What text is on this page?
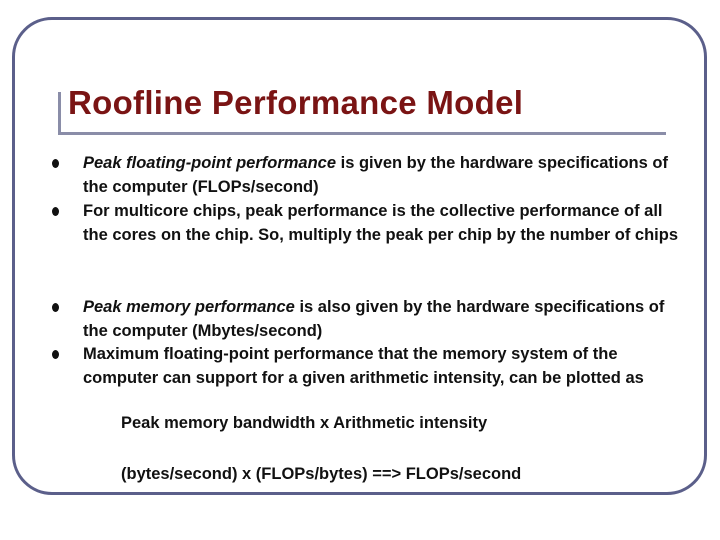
Roofline Performance Model

Peak floating-point performance is given by the hardware specifications of the computer (FLOPs/second)

For multicore chips, peak performance is the collective performance of all the cores on the chip. So, multiply the peak per chip by the number of chips

Peak memory performance is also given by the hardware specifications of the computer (Mbytes/second)

Maximum floating-point performance that the memory system of the computer can support for a given arithmetic intensity, can be plotted as

Peak memory bandwidth x Arithmetic intensity

(bytes/second) x (FLOPs/bytes) ==> FLOPs/second
